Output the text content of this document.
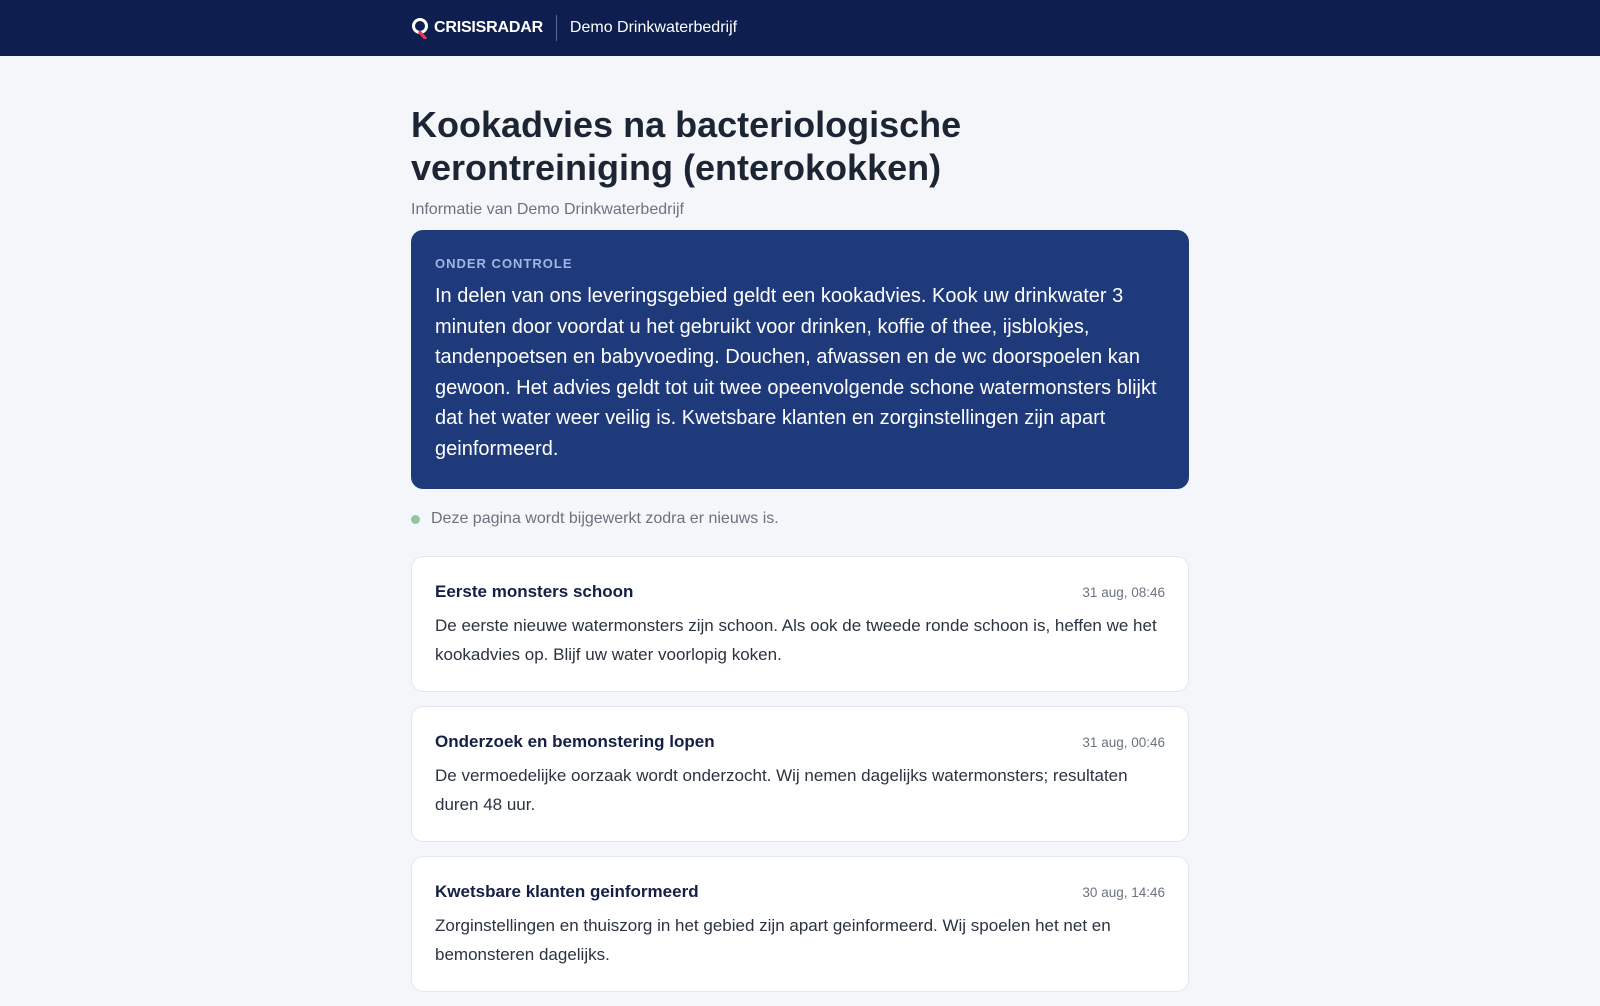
CRISISRADAR Demo Drinkwaterbedrijf
Kookadvies na bacteriologische verontreiniging (enterokokken)
Informatie van Demo Drinkwaterbedrijf
ONDER CONTROLE

In delen van ons leveringsgebied geldt een kookadvies. Kook uw drinkwater 3 minuten door voordat u het gebruikt voor drinken, koffie of thee, ijsblokjes, tandenpoetsen en babyvoeding. Douchen, afwassen en de wc doorspoelen kan gewoon. Het advies geldt tot uit twee opeenvolgende schone watermonsters blijkt dat het water weer veilig is. Kwetsbare klanten en zorginstellingen zijn apart geinformeerd.

Deze pagina wordt bijgewerkt zodra er nieuws is.
Eerste monsters schoon	31 aug, 08:46

De eerste nieuwe watermonsters zijn schoon. Als ook de tweede ronde schoon is, heffen we het kookadvies op. Blijf uw water voorlopig koken.

Onderzoek en bemonstering lopen	31 aug, 00:46

De vermoedelijke oorzaak wordt onderzocht. Wij nemen dagelijks watermonsters; resultaten duren 48 uur.

Kwetsbare klanten geinformeerd	30 aug, 14:46

Zorginstellingen en thuiszorg in het gebied zijn apart geinformeerd. Wij spoelen het net en bemonsteren dagelijks.
